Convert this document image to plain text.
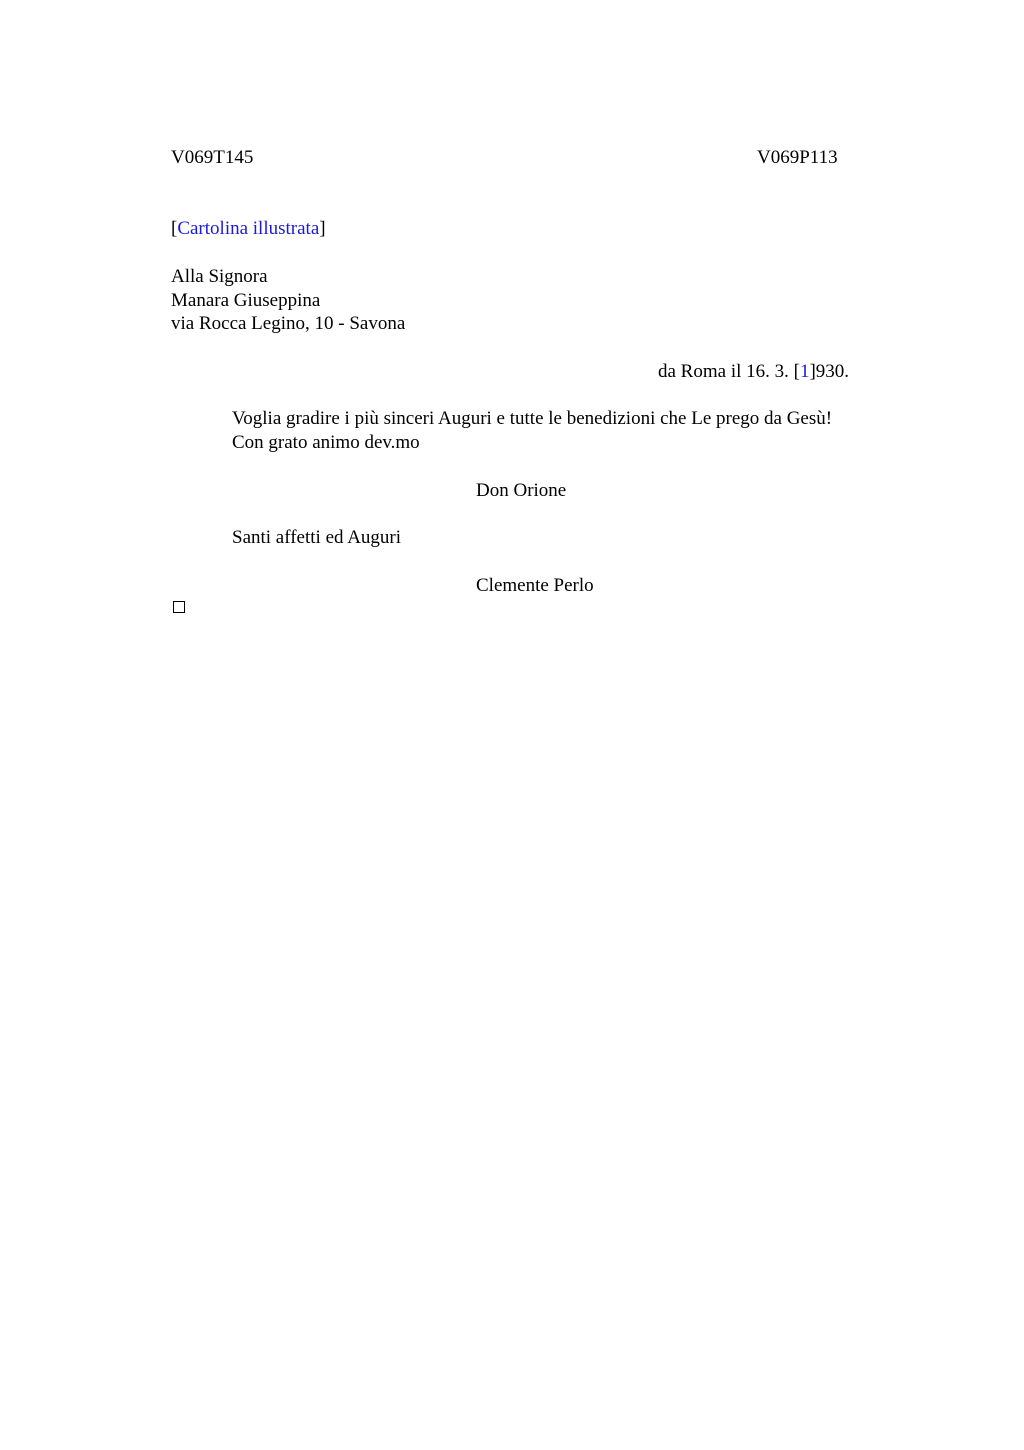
V069T145	V069P113
[Cartolina illustrata]
Alla Signora
Manara Giuseppina
via Rocca Legino, 10 - Savona
da Roma il 16. 3. [1]930.
Voglia gradire i più sinceri Auguri e tutte le benedizioni che Le prego da Gesù!
Con grato animo dev.mo
Don Orione
Santi affetti ed Auguri
Clemente Perlo
